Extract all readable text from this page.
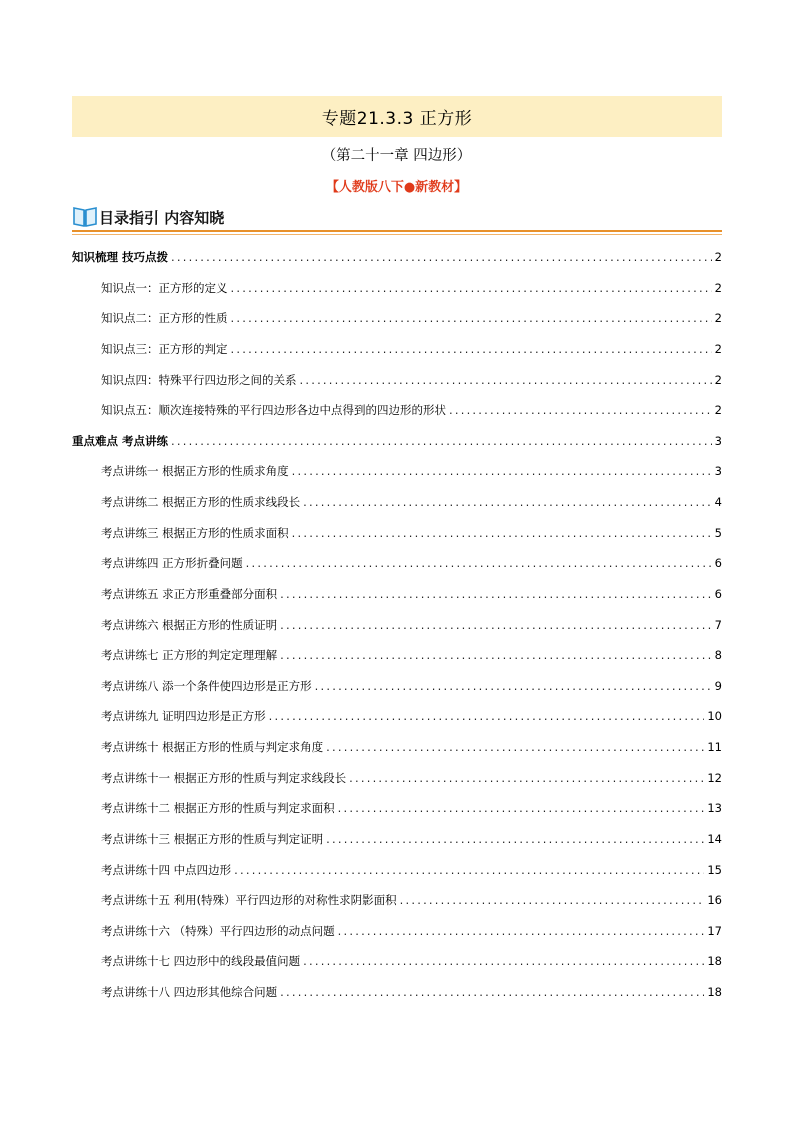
专题21.3.3 正方形
（第二十一章 四边形）
【人教版八下●新教材】
目录指引 内容知晓
知识梳理 技巧点拨 .....	2
知识点一：正方形的定义 .....	2
知识点二：正方形的性质 .....	2
知识点三：正方形的判定 .....	2
知识点四：特殊平行四边形之间的关系 .....	2
知识点五：顺次连接特殊的平行四边形各边中点得到的四边形的形状 .....	2
重点难点 考点讲练 .....	3
考点讲练一 根据正方形的性质求角度 .....	3
考点讲练二 根据正方形的性质求线段长 .....	4
考点讲练三 根据正方形的性质求面积 .....	5
考点讲练四 正方形折叠问题 .....	6
考点讲练五 求正方形重叠部分面积 .....	6
考点讲练六 根据正方形的性质证明 .....	7
考点讲练七 正方形的判定定理理解 .....	8
考点讲练八 添一个条件使四边形是正方形 .....	9
考点讲练九 证明四边形是正方形 .....	10
考点讲练十 根据正方形的性质与判定求角度 .....	11
考点讲练十一 根据正方形的性质与判定求线段长 .....	12
考点讲练十二 根据正方形的性质与判定求面积 .....	13
考点讲练十三 根据正方形的性质与判定证明 .....	14
考点讲练十四 中点四边形 .....	15
考点讲练十五 利用(特殊）平行四边形的对称性求阴影面积 .....	16
考点讲练十六 （特殊）平行四边形的动点问题 .....	17
考点讲练十七 四边形中的线段最值问题 .....	18
考点讲练十八 四边形其他综合问题 .....	18
